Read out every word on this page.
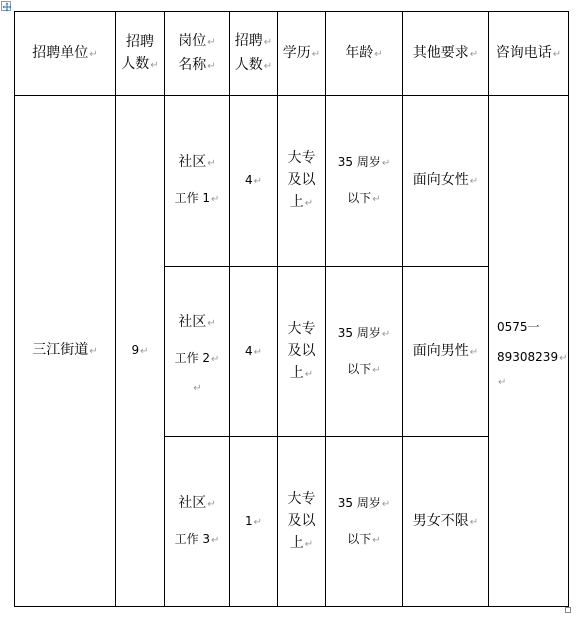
招聘单位↵
招聘
人数↵
岗位↵
名称↵
招聘↵
人数↵
学历↵ 年龄↵ 其他要求↵ 咨询电话↵
三江街道↵	9↵
0575一
89308239↵
↵
社区↵
工作 1↵
4↵
大专
及以
上↵
35 周岁↵
以下↵
面向女性↵
社区↵
工作 2↵
↵
4↵
大专
及以
上↵
35 周岁↵
以下↵
面向男性↵
社区↵
工作 3↵
1↵
大专
及以
上↵
35 周岁↵
以下↵
男女不限↵
